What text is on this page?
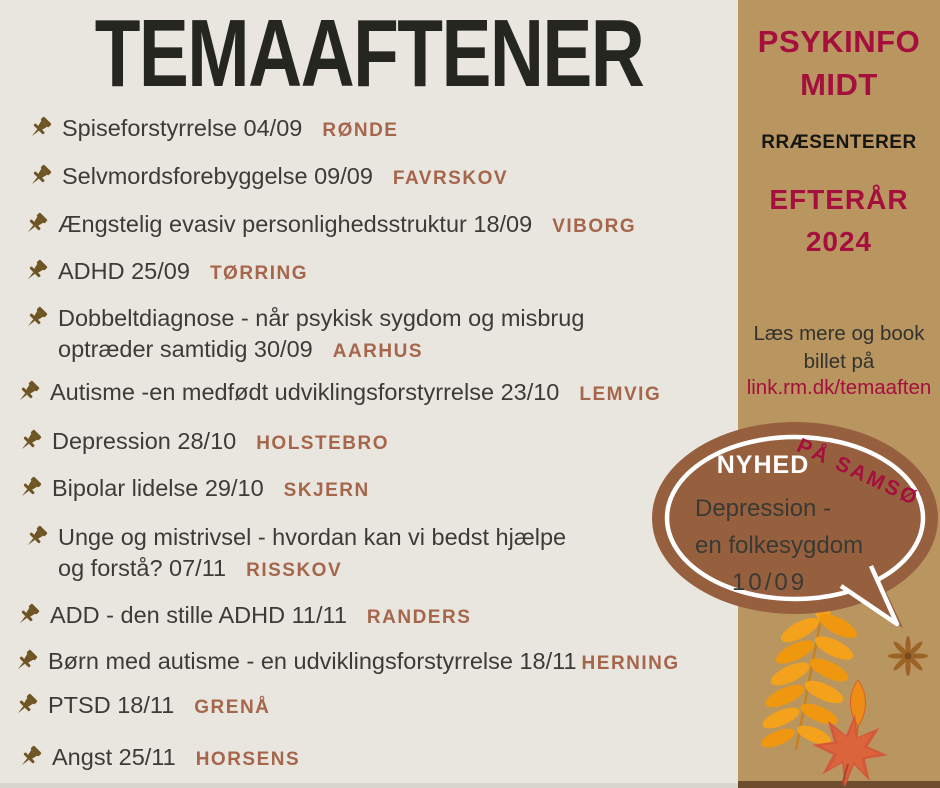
TEMAAFTENER
Spiseforstyrrelse 04/09 RØNDE
Selvmordsforebyggelse 09/09 FAVRSKOV
Ængstelig evasiv personlighedsstruktur 18/09 VIBORG
ADHD 25/09 TØRRING
Dobbeltdiagnose - når psykisk sygdom og misbrug
optræder samtidig 30/09 AARHUS
Autisme -en medfødt udviklingsforstyrrelse 23/10 LEMVIG
Depression 28/10 HOLSTEBRO
Bipolar lidelse 29/10 SKJERN
Unge og mistrivsel - hvordan kan vi bedst hjælpe
og forstå? 07/11 RISSKOV
ADD - den stille ADHD 11/11 RANDERS
Børn med autisme - en udviklingsforstyrrelse 18/11 HERNING
PTSD 18/11 GRENÅ
Angst 25/11 HORSENS
PSYKINFO
MIDT
RRÆSENTERER
EFTERÅR
2024
Læs mere og book
billet på
link.rm.dk/temaaften
PÅ SAMSØ
NYHED
Depression -
en folkesygdom
10/09
